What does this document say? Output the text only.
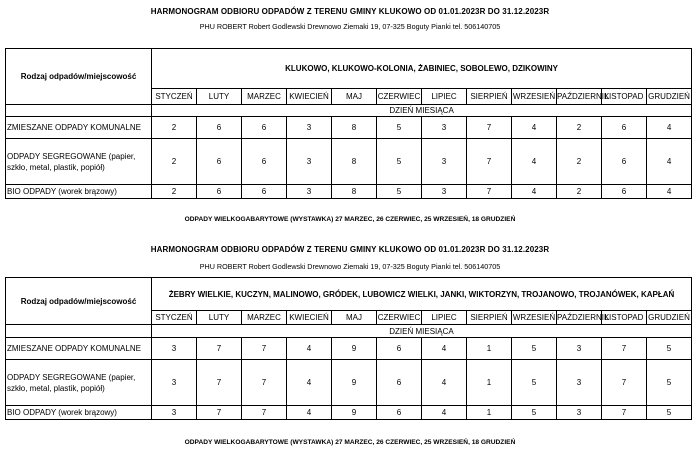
HARMONOGRAM ODBIORU ODPADÓW Z TERENU GMINY KLUKOWO OD 01.01.2023R DO 31.12.2023R
PHU ROBERT Robert Godlewski Drewnowo Ziemaki 19, 07-325 Boguty Pianki tel. 506140705
Rodzaj odpadów/miejscowość	KLUKOWO, KLUKOWO-KOLONIA, ŻABINIEC, SOBOLEWO, DZIKOWINY											
	STYCZEŃ	LUTY	MARZEC	KWIECIEŃ	MAJ	CZERWIEC	LIPIEC	SIERPIEŃ	WRZESIEŃ	PAŹDZIERNIK	LISTOPAD	GRUDZIEŃ
	DZIEŃ MIESIĄCA											
ZMIESZANE ODPADY KOMUNALNE	2	6	6	3	8	5	3	7	4	2	6	4
ODPADY SEGREGOWANE (papier, szkło, metal, plastik, popiół)	2	6	6	3	8	5	3	7	4	2	6	4
BIO ODPADY (worek brązowy)	2	6	6	3	8	5	3	7	4	2	6	4
ODPADY WIELKOGABARYTOWE (WYSTAWKA) 27 MARZEC, 26 CZERWIEC, 25 WRZESIEŃ, 18 GRUDZIEŃ
HARMONOGRAM ODBIORU ODPADÓW Z TERENU GMINY KLUKOWO OD 01.01.2023R DO 31.12.2023R
PHU ROBERT Robert Godlewski Drewnowo Ziemaki 19, 07-325 Boguty Pianki tel. 506140705
Rodzaj odpadów/miejscowość	ŻEBRY WIELKIE, KUCZYN, MALINOWO, GRÓDEK, LUBOWICZ WIELKI, JANKI, WIKTORZYN, TROJANOWO, TROJANÓWEK, KAPŁAŃ											
	STYCZEŃ	LUTY	MARZEC	KWIECIEŃ	MAJ	CZERWIEC	LIPIEC	SIERPIEŃ	WRZESIEŃ	PAŹDZIERNIK	LISTOPAD	GRUDZIEŃ
	DZIEŃ MIESIĄCA											
ZMIESZANE ODPADY KOMUNALNE	3	7	7	4	9	6	4	1	5	3	7	5
ODPADY SEGREGOWANE (papier, szkło, metal, plastik, popiół)	3	7	7	4	9	6	4	1	5	3	7	5
BIO ODPADY (worek brązowy)	3	7	7	4	9	6	4	1	5	3	7	5
ODPADY WIELKOGABARYTOWE (WYSTAWKA) 27 MARZEC, 26 CZERWIEC, 25 WRZESIEŃ, 18 GRUDZIEŃ
